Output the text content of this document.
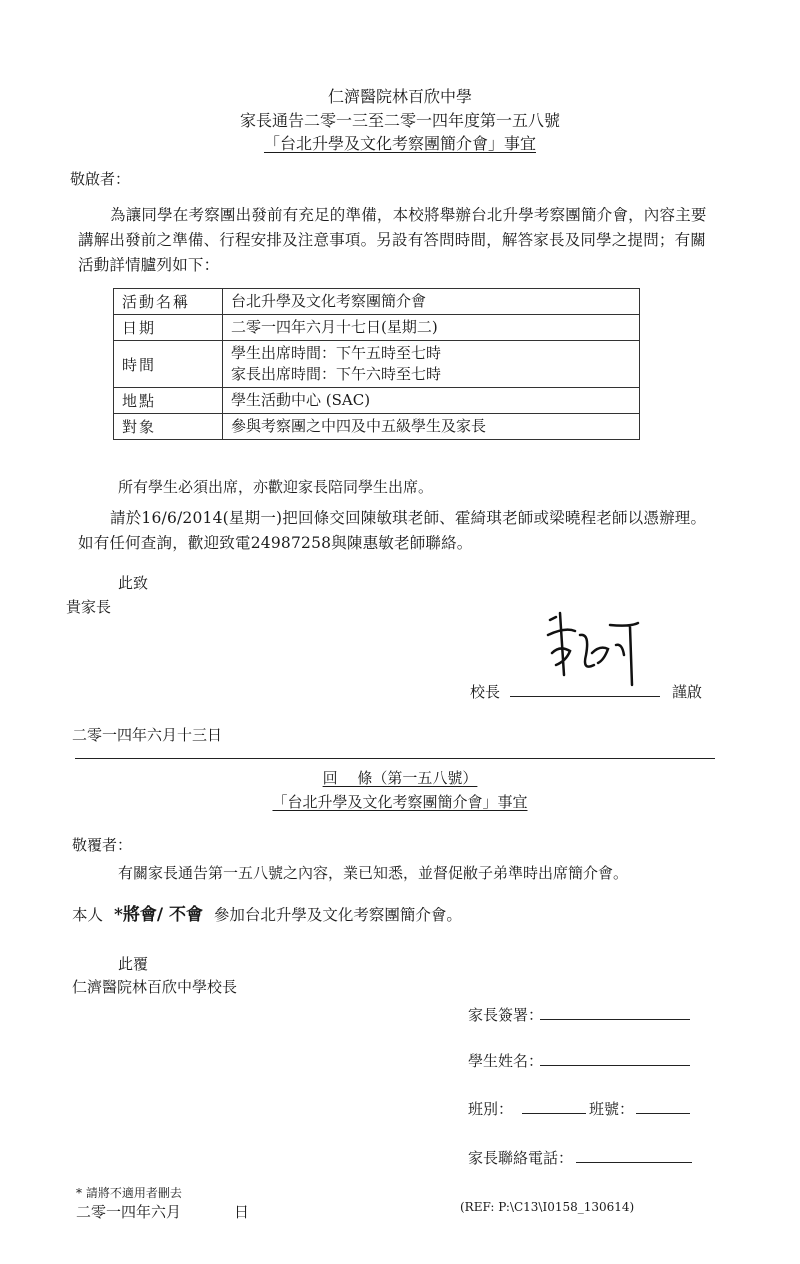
仁濟醫院林百欣中學
家長通告二零一三至二零一四年度第一五八號
「台北升學及文化考察團簡介會」事宜
敬啟者：
為讓同學在考察團出發前有充足的準備，本校將舉辦台北升學考察團簡介會，內容主要講解出發前之準備、行程安排及注意事項。另設有答問時間，解答家長及同學之提問；有關活動詳情臚列如下：
活動名稱	台北升學及文化考察團簡介會
日期	二零一四年六月十七日(星期二)
時間	學生出席時間：下午五時至七時
家長出席時間：下午六時至七時

地點	學生活動中心 (SAC)
對象	參與考察團之中四及中五級學生及家長
所有學生必須出席，亦歡迎家長陪同學生出席。
請於16/6/2014(星期一)把回條交回陳敏琪老師、霍綺琪老師或梁曉程老師以憑辦理。如有任何查詢，歡迎致電24987258與陳惠敏老師聯絡。
此致
貴家長
校長	謹啟
二零一四年六月十三日
回　 條（第一五八號）
「台北升學及文化考察團簡介會」事宜
敬覆者：
有關家長通告第一五八號之內容，業已知悉，並督促敝子弟準時出席簡介會。
本人 *將會/ 不會 參加台北升學及文化考察團簡介會。
此覆
仁濟醫院林百欣中學校長
家長簽署：
學生姓名：
班別：	班號：
家長聯絡電話：
* 請將不適用者刪去
二零一四年六月	日	(REF: P:\C13\I0158_130614)
